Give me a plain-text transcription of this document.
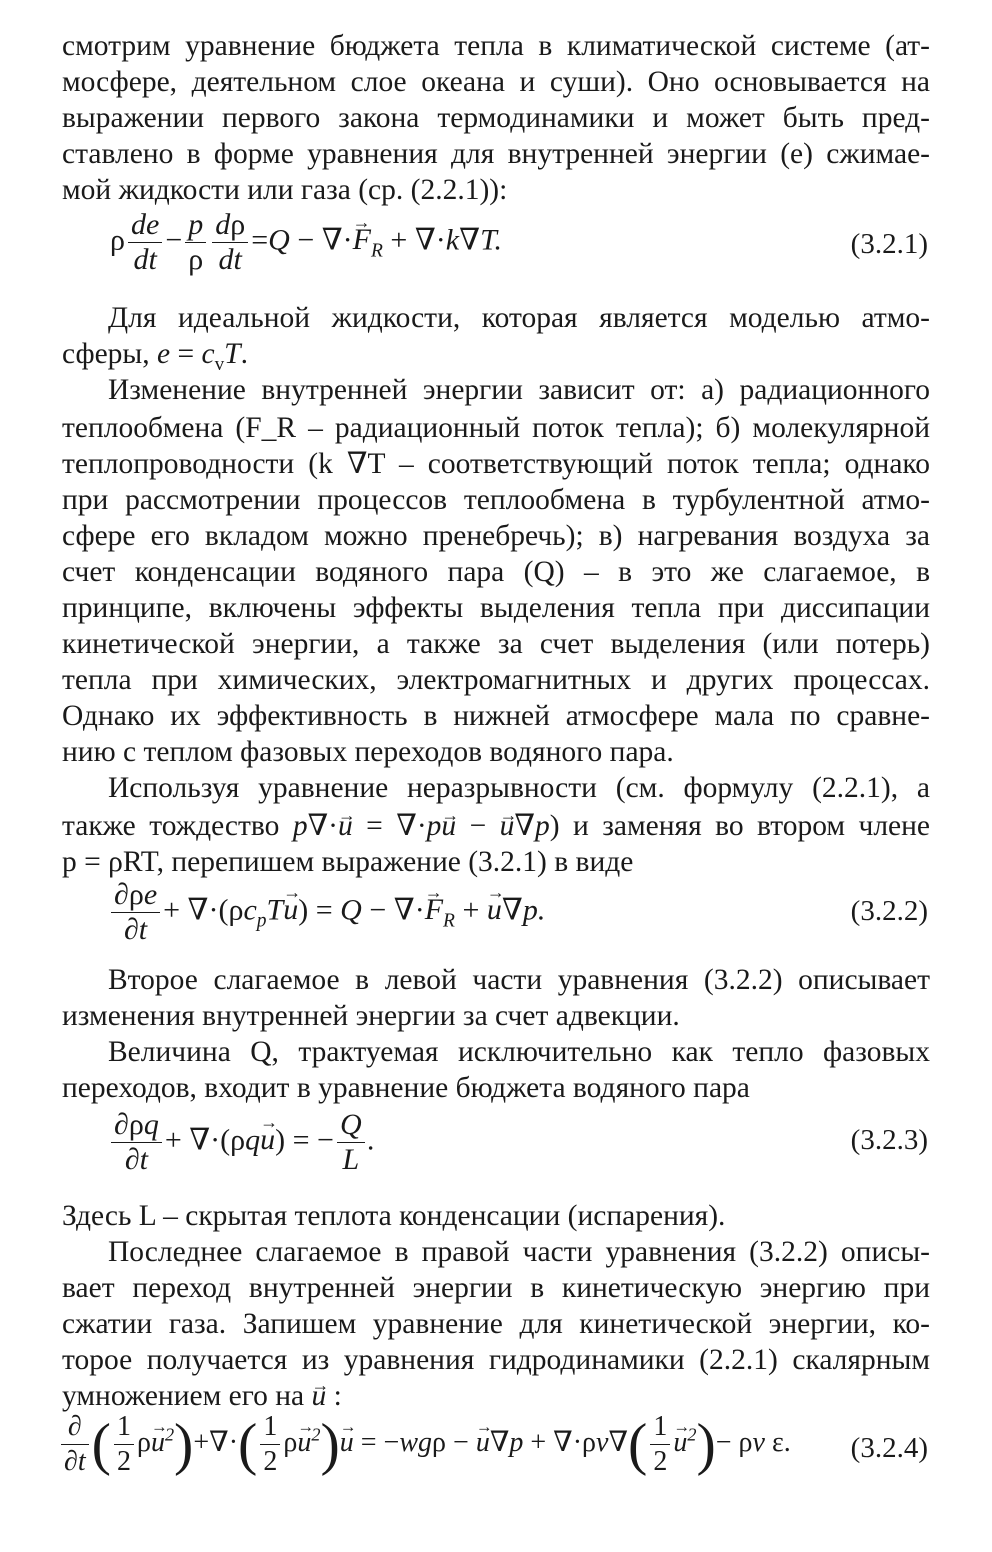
смотрим уравнение бюджета тепла в климатической системе (ат-
мосфере, деятельном слое океана и суши). Оно основывается на
выражении первого закона термодинамики и может быть пред-
ставлено в форме уравнения для внутренней энергии (e) сжимае-
мой жидкости или газа (ср. (2.2.1)):
ρ $\frac{de}{dt} - \frac{p}{\rho} \frac{d\rho}{dt} =Q$ − ∇·→ $F_R + \nabla\cdot k\nabla T$.	(3.2.1)
Для идеальной жидкости, которая является моделью атмо-
сферы, $e = c_vT$.
Изменение внутренней энергии зависит от: а) радиационного
теплообмена (F_R – радиационный поток тепла); б) молекулярной
теплопроводности (k ∇T – соответствующий поток тепла; однако
при рассмотрении процессов теплообмена в турбулентной атмо-
сфере его вкладом можно пренебречь); в) нагревания воздуха за
счет конденсации водяного пара (Q) – в это же слагаемое, в
принципе, включены эффекты выделения тепла при диссипации
кинетической энергии, а также за счет выделения (или потерь)
тепла при химических, электромагнитных и других процессах.
Однако их эффективность в нижней атмосфере мала по сравне-
нию с теплом фазовых переходов водяного пара.
Используя уравнение неразрывности (см. формулу (2.2.1), а
также тождество p∇·→ u = ∇·p→ u − → u∇p) и заменяя во втором члене
p = ρRT, перепишем выражение (3.2.1) в виде
$\frac{\partial\rho e}{\partial t} + \nabla\cdot(\rho c_pT\to u) = Q$ − ∇·→ $F_R$ + → u∇p.	(3.2.2)
Второе слагаемое в левой части уравнения (3.2.2) описывает
изменения внутренней энергии за счет адвекции.
Величина Q, трактуемая исключительно как тепло фазовых
переходов, входит в уравнение бюджета водяного пара
$\frac{\partial\rho q}{\partial t} + \nabla\cdot(\rho q\to u)$ = − $\frac{Q}{L}$ .	(3.2.3)
Здесь L – скрытая теплота конденсации (испарения).
Последнее слагаемое в правой части уравнения (3.2.2) описы-
вает переход внутренней энергии в кинетическую энергию при
сжатии газа. Запишем уравнение для кинетической энергии, ко-
торое получается из уравнения гидродинамики (2.2.1) скалярным
умножением его на → u :
$\frac{\partial}{\partial t}$ ( $\frac{1}{2} \rho\to u^2)+\nabla\cdot( \frac{1}{2} \rho\to u^2)\to u = -wg\rho$ − → $u\nabla p + \nabla\cdot\rho\nu\nabla( \frac{1}{2}$
→ $u^2)- \rho\nu$ ε. (3.2.4)
